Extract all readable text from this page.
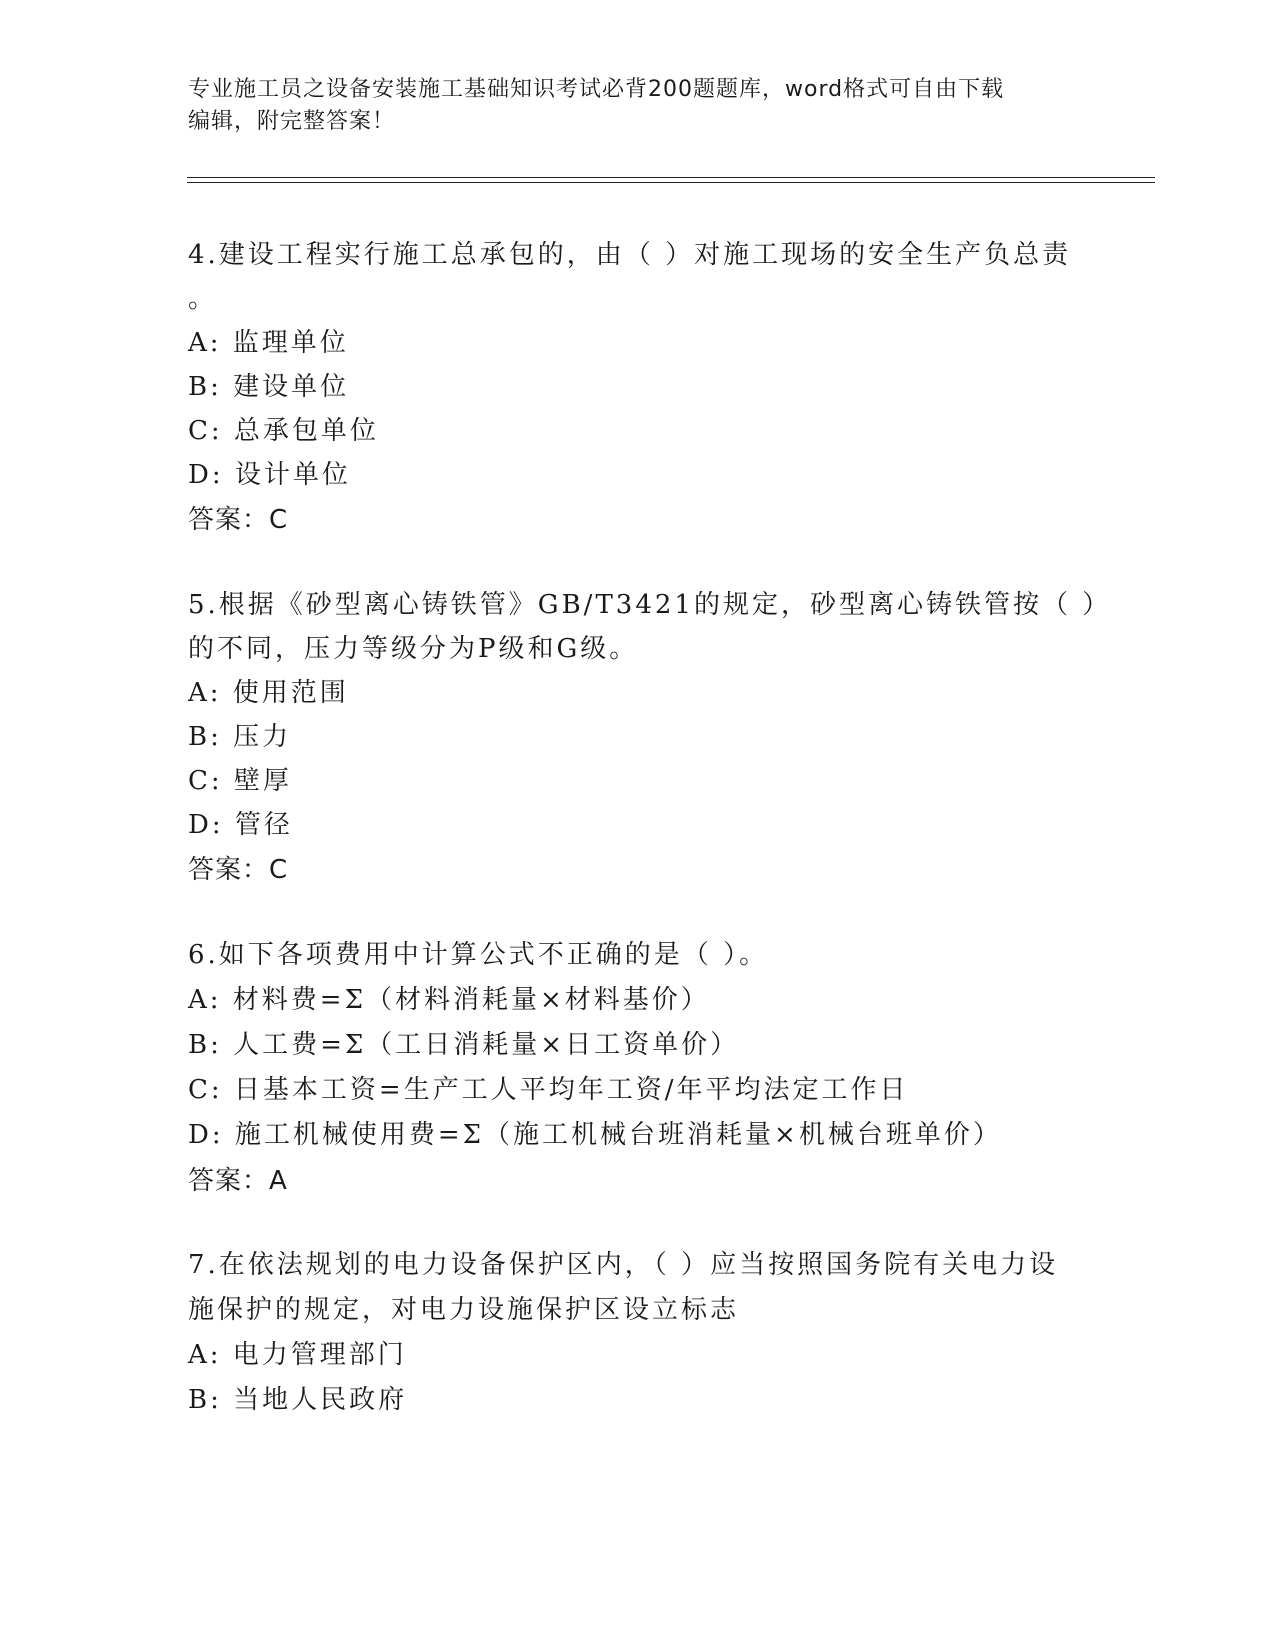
专业施工员之设备安装施工基础知识考试必背200题题库，word格式可自由下载
编辑，附完整答案！
4.建设工程实行施工总承包的，由（ ）对施工现场的安全生产负总责
。
A: 监理单位
B: 建设单位
C: 总承包单位
D: 设计单位
答案：C
5.根据《砂型离心铸铁管》GB/T3421的规定，砂型离心铸铁管按（ ）
的不同，压力等级分为P级和G级。
A: 使用范围
B: 压力
C: 壁厚
D: 管径
答案：C
6.如下各项费用中计算公式不正确的是（ ）。
A: 材料费=Σ（材料消耗量×材料基价）
B: 人工费=Σ（工日消耗量×日工资单价）
C: 日基本工资=生产工人平均年工资/年平均法定工作日
D: 施工机械使用费=Σ（施工机械台班消耗量×机械台班单价）
答案：A
7.在依法规划的电力设备保护区内，（ ）应当按照国务院有关电力设
施保护的规定，对电力设施保护区设立标志
A: 电力管理部门
B: 当地人民政府
